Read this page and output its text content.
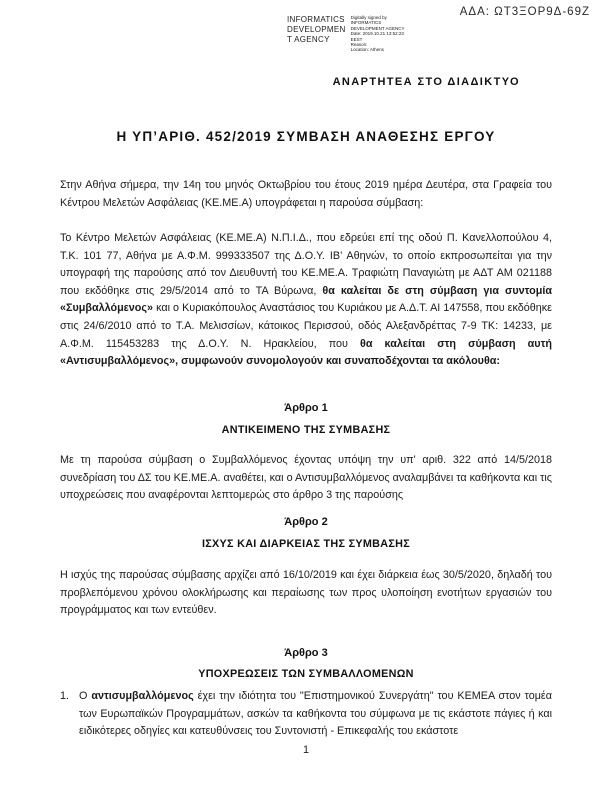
ΑΔΑ: ΩΤ3ΞΟΡ9Δ-69Ζ
INFORMATICS
DEVELOPMEN
T AGENCY
Digitally signed by
INFORMATICS
DEVELOPMENT AGENCY
Date: 2019.10.21 13:52:23
EEST
Reason:
Location: Athens
ΑΝΑΡΤΗΤΕΑ ΣΤΟ ΔΙΑΔΙΚΤΥΟ
Η ΥΠ’ΑΡΙΘ. 452/2019 ΣΥΜΒΑΣΗ ΑΝΑΘΕΣΗΣ ΕΡΓΟΥ

Στην Αθήνα σήμερα, την 14η του μηνός Οκτωβρίου του έτους 2019 ημέρα Δευτέρα, στα Γραφεία του Κέντρου Μελετών Ασφάλειας (ΚΕ.ΜΕ.Α) υπογράφεται η παρούσα σύμβαση:

Το Κέντρο Μελετών Ασφάλειας (ΚΕ.ΜΕ.Α) Ν.Π.Ι.Δ., που εδρεύει επί της οδού Π. Κανελλοπούλου 4, Τ.Κ. 101 77, Αθήνα με Α.Φ.Μ. 999333507 της Δ.Ο.Υ. ΙΒ’ Αθηνών, το οποίο εκπροσωπείται για την υπογραφή της παρούσης από τον Διευθυντή του ΚΕ.ΜΕ.Α. Τραφιώτη Παναγιώτη με ΑΔΤ ΑΜ 021188 που εκδόθηκε στις 29/5/2014 από το ΤΑ Βύρωνα, θα καλείται δε στη σύμβαση για συντομία «Συμβαλλόμενος» και ο Κυριακόπουλος Αναστάσιος του Κυριάκου με Α.Δ.Τ. ΑΙ 147558, που εκδόθηκε στις 24/6/2010 από το Τ.Α. Μελισσίων, κάτοικος Περισσού, οδός Αλεξανδρέττας 7-9 ΤΚ: 14233, με Α.Φ.Μ. 115453283 της Δ.Ο.Υ. Ν. Ηρακλείου, που θα καλείται στη σύμβαση αυτή «Αντισυμβαλλόμενος», συμφωνούν συνομολογούν και συναποδέχονται τα ακόλουθα:

Άρθρο 1
ΑΝΤΙΚΕΙΜΕΝΟ ΤΗΣ ΣΥΜΒΑΣΗΣ

Με τη παρούσα σύμβαση ο Συμβαλλόμενος έχοντας υπόψη την υπ' αριθ. 322 από 14/5/2018 συνεδρίαση του ΔΣ του ΚΕ.ΜΕ.Α. αναθέτει, και ο Αντισυμβαλλόμενος αναλαμβάνει τα καθήκοντα και τις υποχρεώσεις που αναφέρονται λεπτομερώς στο άρθρο 3 της παρούσης

Άρθρο 2
ΙΣΧΥΣ ΚΑΙ ΔΙΑΡΚΕΙΑΣ ΤΗΣ ΣΥΜΒΑΣΗΣ

Η ισχύς της παρούσας σύμβασης αρχίζει από 16/10/2019 και έχει διάρκεια έως 30/5/2020, δηλαδή του προβλεπόμενου χρόνου ολοκλήρωσης και περαίωσης των προς υλοποίηση ενοτήτων εργασιών του προγράμματος και των εντεύθεν.

Άρθρο 3
ΥΠΟΧΡΕΩΣΕΙΣ ΤΩΝ ΣΥΜΒΑΛΛΟΜΕΝΩΝ

1. Ο αντισυμβαλλόμενος έχει την ιδιότητα του "Επιστημονικού Συνεργάτη" του ΚΕΜΕΑ στον τομέα των Ευρωπαϊκών Προγραμμάτων, ασκών τα καθήκοντα του σύμφωνα με τις εκάστοτε πάγιες ή και ειδικότερες οδηγίες και κατευθύνσεις του Συντονιστή - Επικεφαλής του εκάστοτε

1
